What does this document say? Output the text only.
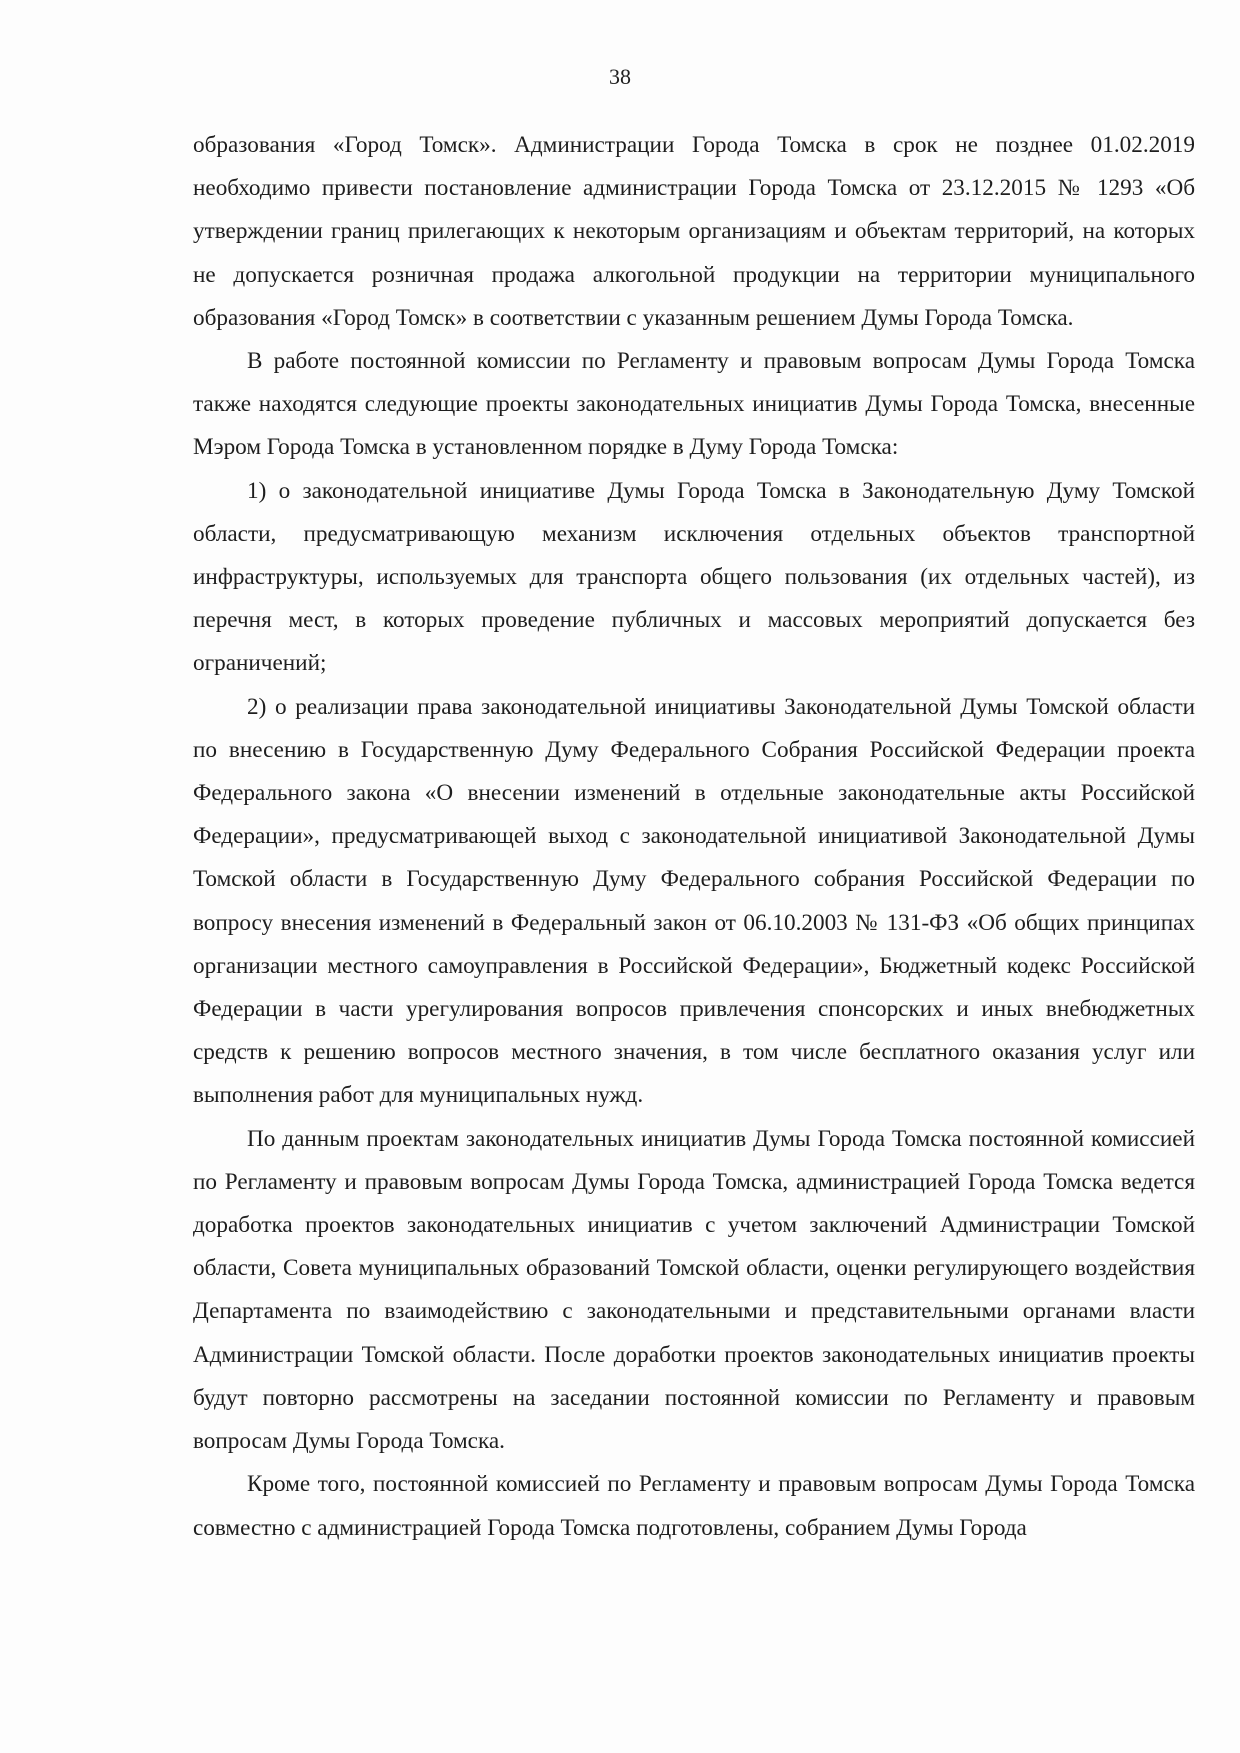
38

образования «Город Томск». Администрации Города Томска в срок не позднее 01.02.2019 необходимо привести постановление администрации Города Томска от 23.12.2015 № 1293 «Об утверждении границ прилегающих к некоторым организациям и объектам территорий, на которых не допускается розничная продажа алкогольной продукции на территории муниципального образования «Город Томск» в соответствии с указанным решением Думы Города Томска.

В работе постоянной комиссии по Регламенту и правовым вопросам Думы Города Томска также находятся следующие проекты законодательных инициатив Думы Города Томска, внесенные Мэром Города Томска в установленном порядке в Думу Города Томска:

1) о законодательной инициативе Думы Города Томска в Законодательную Думу Томской области, предусматривающую механизм исключения отдельных объектов транспортной инфраструктуры, используемых для транспорта общего пользования (их отдельных частей), из перечня мест, в которых проведение публичных и массовых мероприятий допускается без ограничений;

2) о реализации права законодательной инициативы Законодательной Думы Томской области по внесению в Государственную Думу Федерального Собрания Российской Федерации проекта Федерального закона «О внесении изменений в отдельные законодательные акты Российской Федерации», предусматривающей выход с законодательной инициативой Законодательной Думы Томской области в Государственную Думу Федерального собрания Российской Федерации по вопросу внесения изменений в Федеральный закон от 06.10.2003 № 131-ФЗ «Об общих принципах организации местного самоуправления в Российской Федерации», Бюджетный кодекс Российской Федерации в части урегулирования вопросов привлечения спонсорских и иных внебюджетных средств к решению вопросов местного значения, в том числе бесплатного оказания услуг или выполнения работ для муниципальных нужд.

По данным проектам законодательных инициатив Думы Города Томска постоянной комиссией по Регламенту и правовым вопросам Думы Города Томска, администрацией Города Томска ведется доработка проектов законодательных инициатив с учетом заключений Администрации Томской области, Совета муниципальных образований Томской области, оценки регулирующего воздействия Департамента по взаимодействию с законодательными и представительными органами власти Администрации Томской области. После доработки проектов законодательных инициатив проекты будут повторно рассмотрены на заседании постоянной комиссии по Регламенту и правовым вопросам Думы Города Томска.

Кроме того, постоянной комиссией по Регламенту и правовым вопросам Думы Города Томска совместно с администрацией Города Томска подготовлены, собранием Думы Города
